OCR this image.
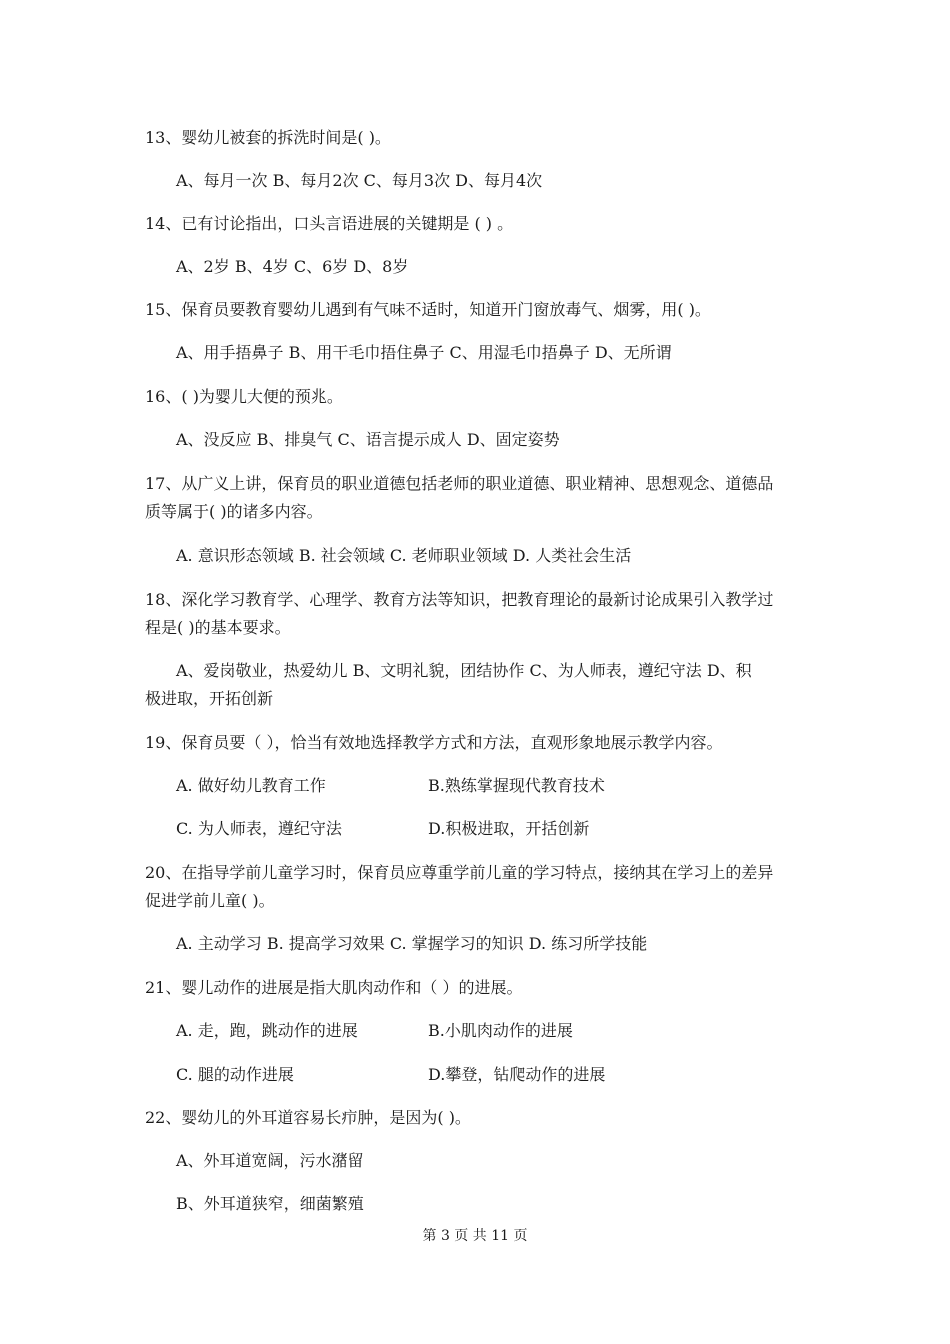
13、婴幼儿被套的拆洗时间是( )。
A、每月一次 B、每月2次 C、每月3次 D、每月4次
14、已有讨论指出，口头言语进展的关键期是 ( ) 。
A、2岁 B、4岁 C、6岁 D、8岁
15、保育员要教育婴幼儿遇到有气味不适时，知道开门窗放毒气、烟雾，用( )。
A、用手捂鼻子 B、用干毛巾捂住鼻子 C、用湿毛巾捂鼻子 D、无所谓
16、( )为婴儿大便的预兆。
A、没反应 B、排臭气 C、语言提示成人 D、固定姿势
17、从广义上讲，保育员的职业道德包括老师的职业道德、职业精神、思想观念、道德品
质等属于( )的诸多内容。
A. 意识形态领域 B. 社会领域 C. 老师职业领域 D. 人类社会生活
18、深化学习教育学、心理学、教育方法等知识，把教育理论的最新讨论成果引入教学过
程是( )的基本要求。
A、爱岗敬业，热爱幼儿 B、文明礼貌，团结协作 C、为人师表，遵纪守法 D、积
极进取，开拓创新
19、保育员要（ ），恰当有效地选择教学方式和方法，直观形象地展示教学内容。
A. 做好幼儿教育工作	B.熟练掌握现代教育技术
C. 为人师表，遵纪守法	D.积极进取，开括创新
20、在指导学前儿童学习时，保育员应尊重学前儿童的学习特点，接纳其在学习上的差异
促进学前儿童( )。
A. 主动学习 B. 提高学习效果 C. 掌握学习的知识 D. 练习所学技能
21、婴儿动作的进展是指大肌肉动作和（ ）的进展。
A. 走，跑，跳动作的进展	B.小肌肉动作的进展
C. 腿的动作进展	D.攀登，钻爬动作的进展
22、婴幼儿的外耳道容易长疖肿，是因为( )。
A、外耳道宽阔，污水潴留
B、外耳道狭窄，细菌繁殖
第 3 页 共 11 页
